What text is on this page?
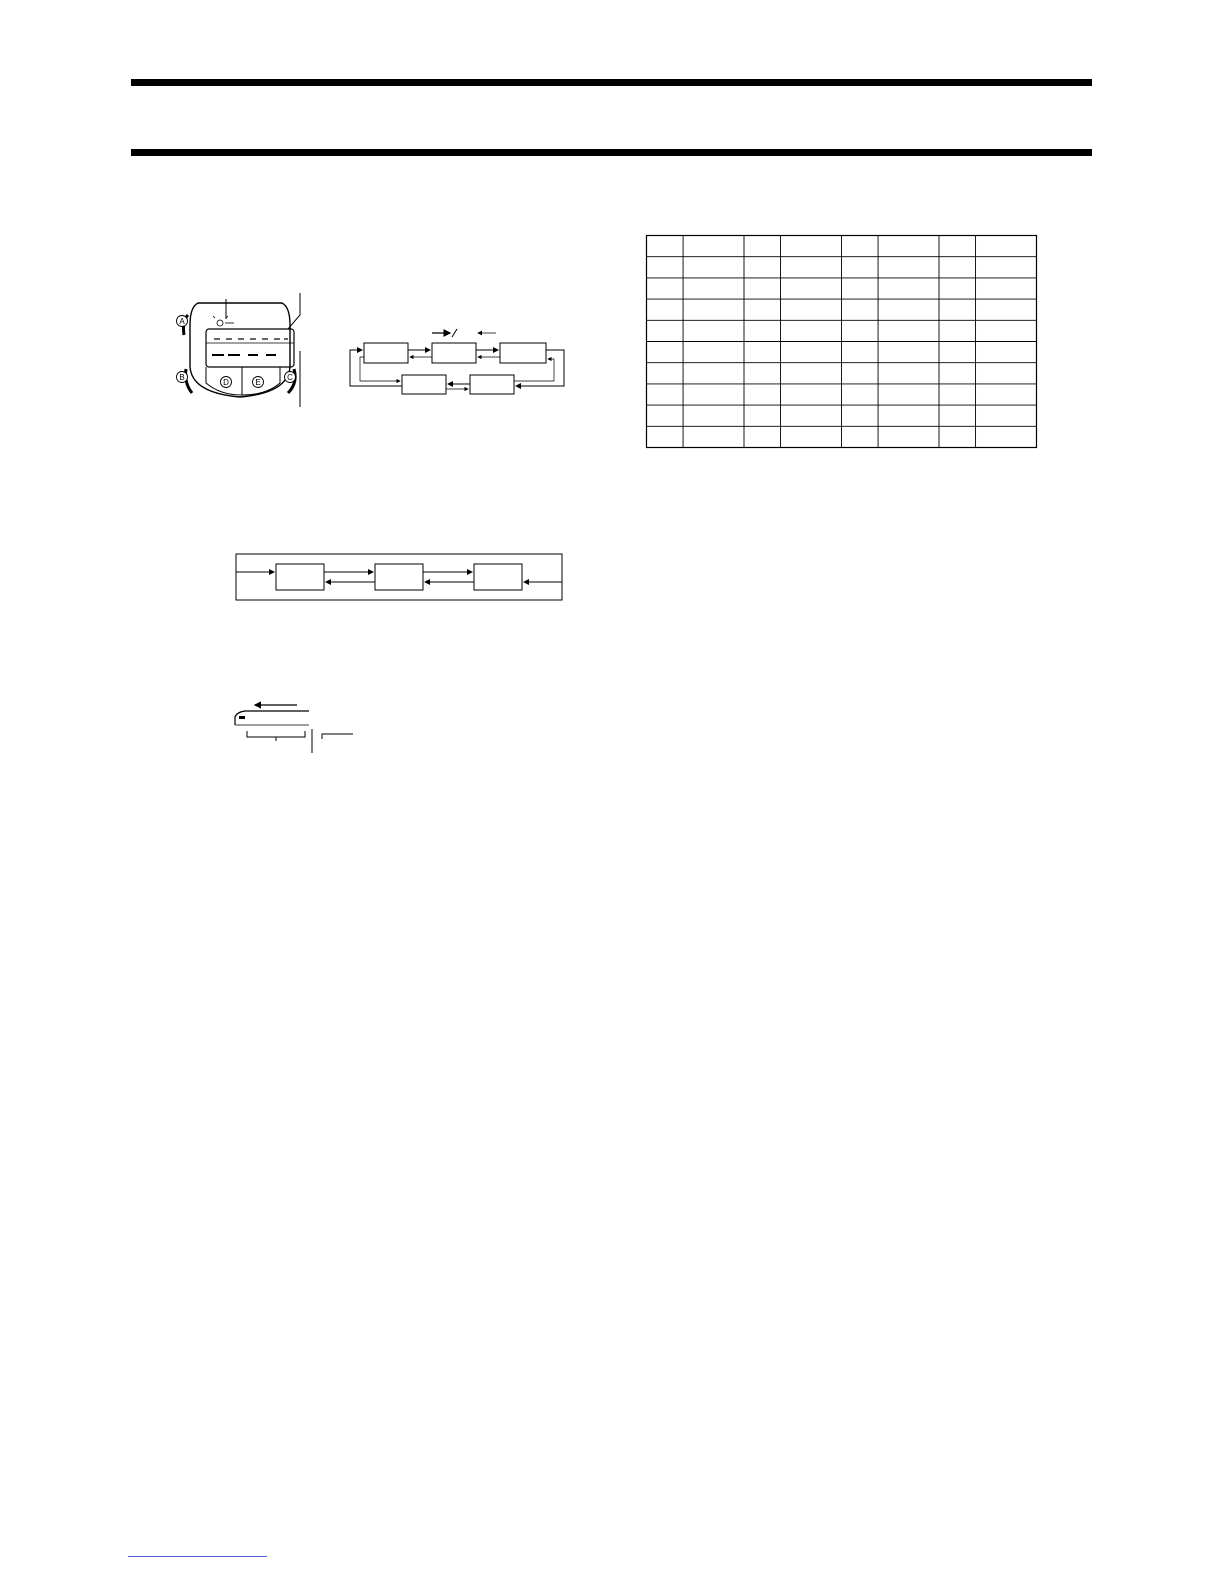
A
B	C
D	E
